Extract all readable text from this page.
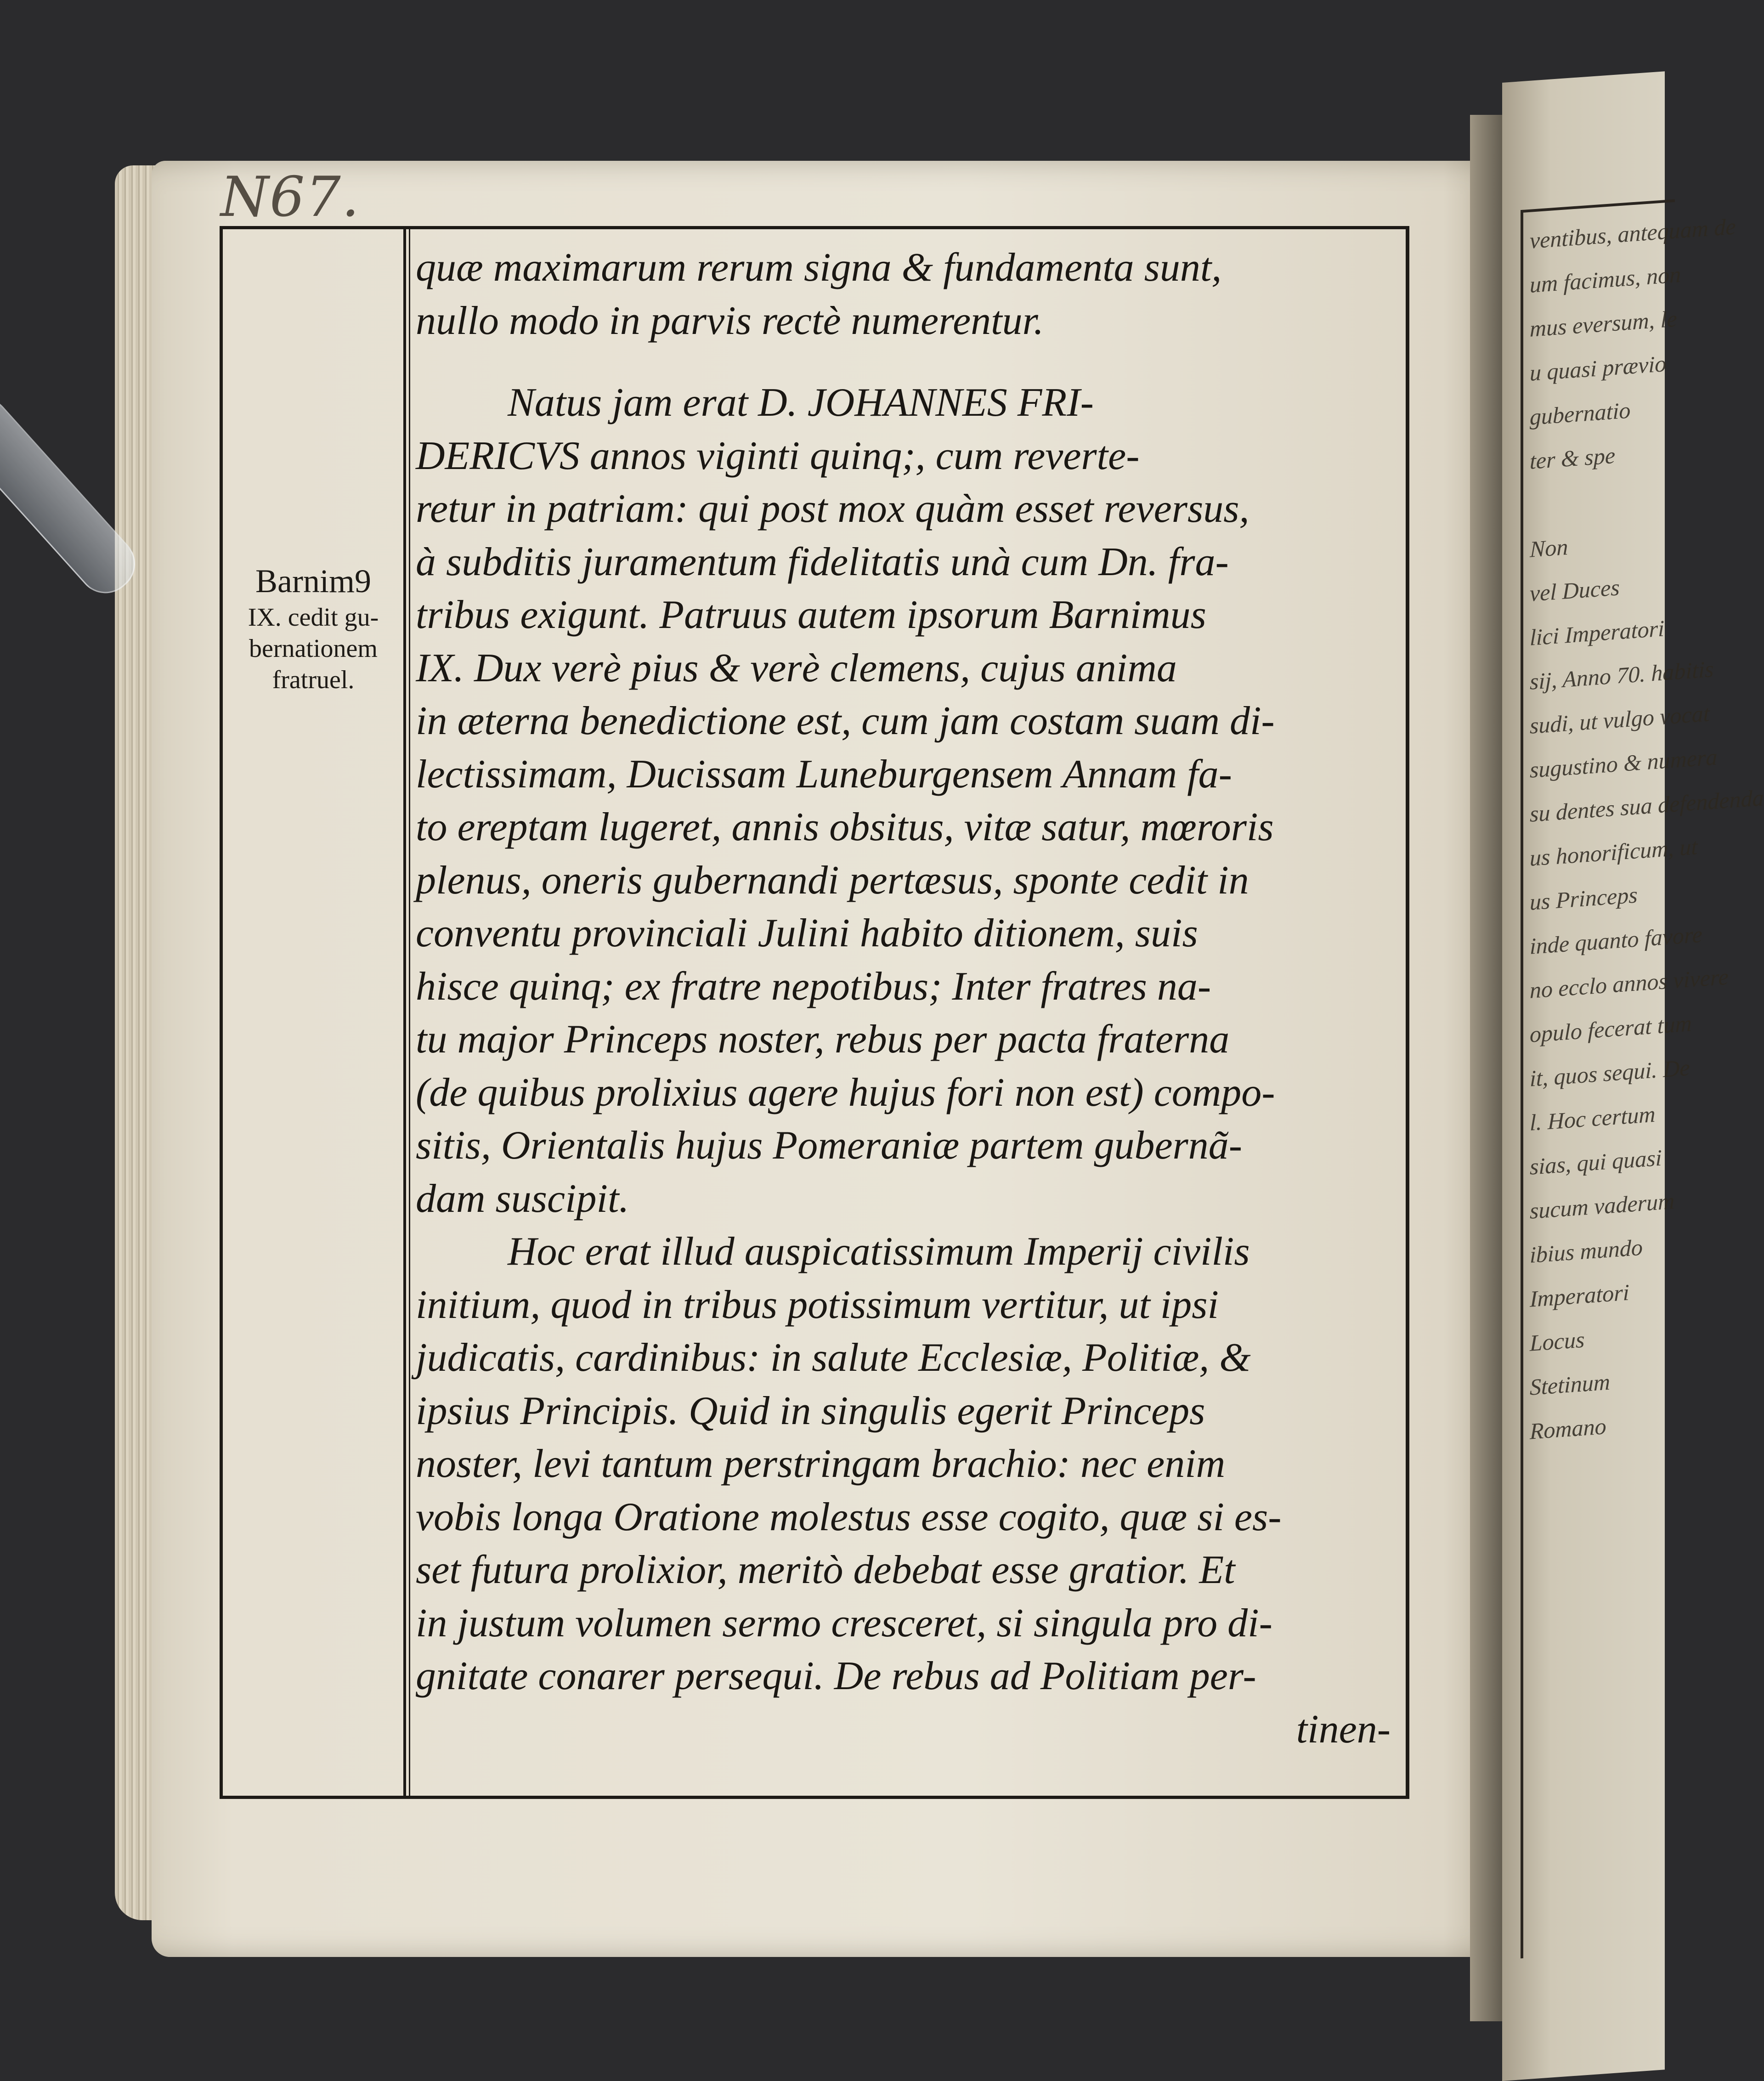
ventibus, antequam de
um facimus, non
mus eversum, le
u quasi prævio
gubernatio
ter & spe

Non
vel Duces
lici Imperatori
sij, Anno 70. habitis
sudi, ut vulgo vocat
sugustino & numera
su dentes sua defendenda
us honorificum, ut
us Princeps
inde quanto favore
no ecclo annos vivere
opulo fecerat tum
it, quos sequi. De
l. Hoc certum
sias, qui quasi
sucum vaderum
ibius mundo
Imperatori
Locus
Stetinum
Romano
N67.
Barnim9
IX. cedit gu-
bernationem
fratruel.
quæ maximarum rerum signa & fundamenta sunt,
nullo modo in parvis rectè numerentur.
Natus jam erat D. JOHANNES FRI-
DERICVS annos viginti quinq;, cum reverte-
retur in patriam: qui post mox quàm esset reversus,
à subditis juramentum fidelitatis unà cum Dn. fra-
tribus exigunt. Patruus autem ipsorum Barnimus
IX. Dux verè pius & verè clemens, cujus anima
in æterna benedictione est, cum jam costam suam di-
lectissimam, Ducissam Luneburgensem Annam fa-
to ereptam lugeret, annis obsitus, vitæ satur, mœroris
plenus, oneris gubernandi pertæsus, sponte cedit in
conventu provinciali Julini habito ditionem, suis
hisce quinq; ex fratre nepotibus; Inter fratres na-
tu major Princeps noster, rebus per pacta fraterna
(de quibus prolixius agere hujus fori non est) compo-
sitis, Orientalis hujus Pomeraniæ partem gubernã-
dam suscipit.
Hoc erat illud auspicatissimum Imperij civilis
initium, quod in tribus potissimum vertitur, ut ipsi
judicatis, cardinibus: in salute Ecclesiæ, Politiæ, &
ipsius Principis. Quid in singulis egerit Princeps
noster, levi tantum perstringam brachio: nec enim
vobis longa Oratione molestus esse cogito, quæ si es-
set futura prolixior, meritò debebat esse gratior. Et
in justum volumen sermo cresceret, si singula pro di-
gnitate conarer persequi. De rebus ad Politiam per-
tinen-
